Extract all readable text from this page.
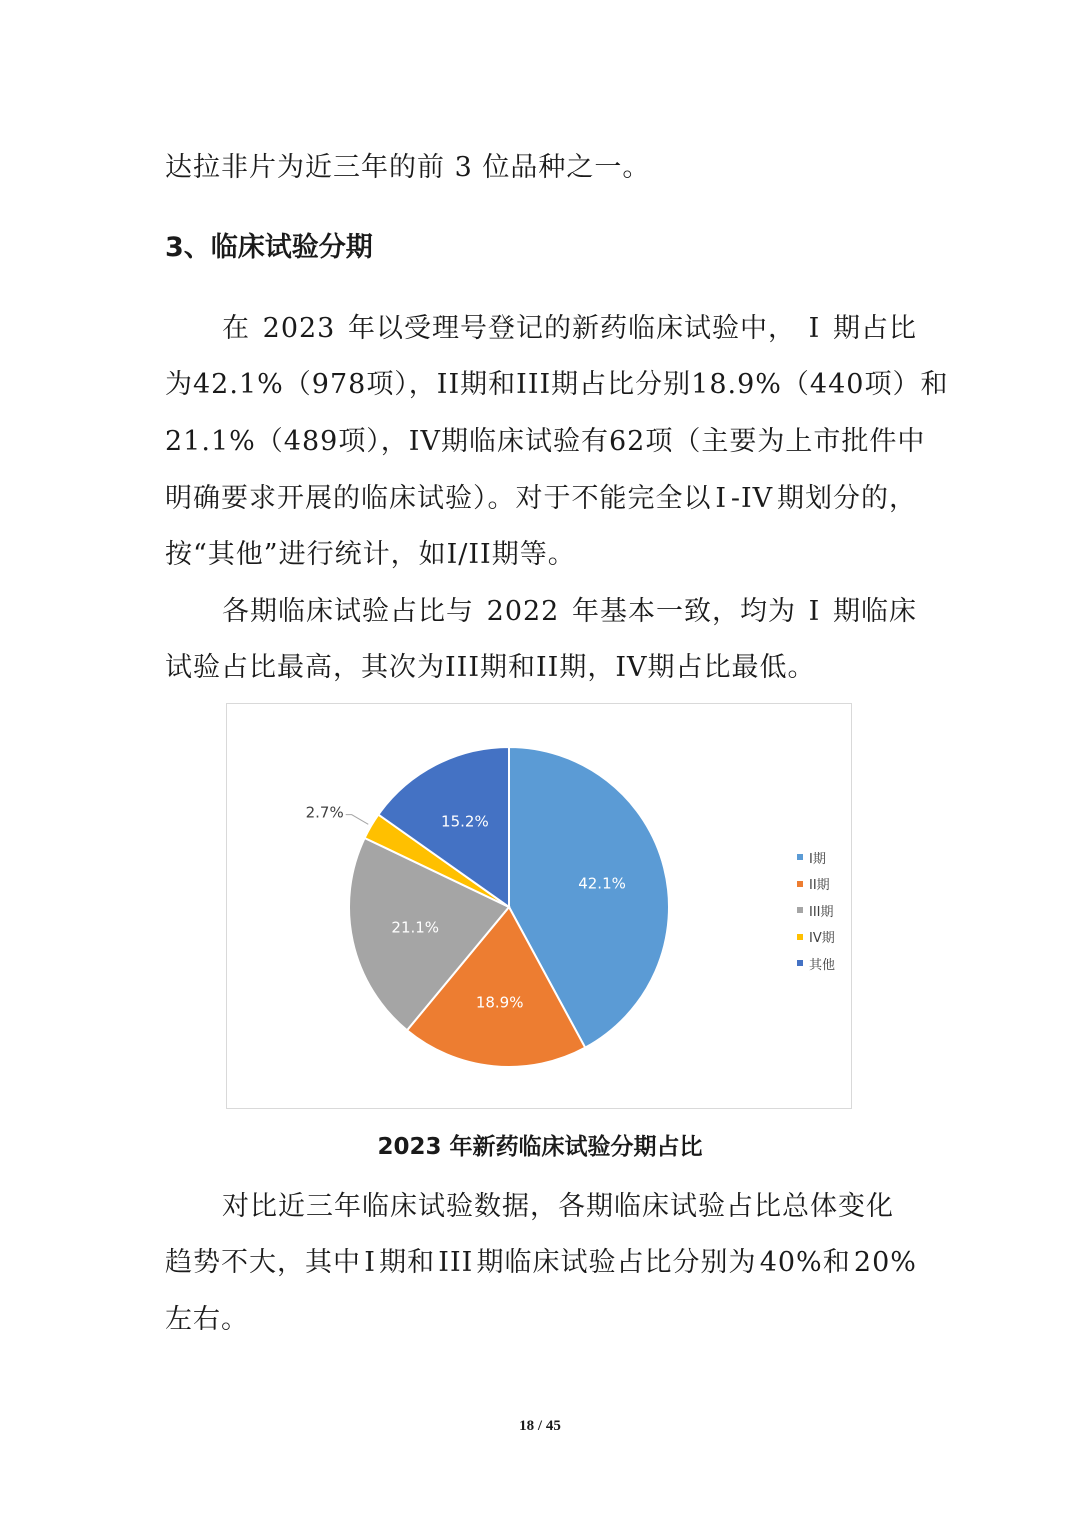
达拉非片为近三年的前 3 位品种之一。
3、临床试验分期
在 2023 年以受理号登记的新药临床试验中， I 期占比
为 42.1%（978 项），II 期和 III 期占比分别 18.9%（440 项）和
21.1%（489 项），IV 期临床试验有 62 项（主要为上市批件中
明确要求开展的临床试验）。对于不能完全以 I -IV 期划分的，
按“其他”进行统计，如I/II期等。
各期临床试验占比与 2022 年基本一致，均为 I 期临床
试验占比最高，其次为III期和II期，IV期占比最低。
42.1%
18.9%
21.1%
2.7%
15.2%
I期
II期
III期
IV期
其他
2023 年新药临床试验分期占比
对比近三年临床试验数据，各期临床试验占比总体变化
趋势不大，其中 I 期和 III 期临床试验占比分别为 40%和 20%
左右。
18 / 45
